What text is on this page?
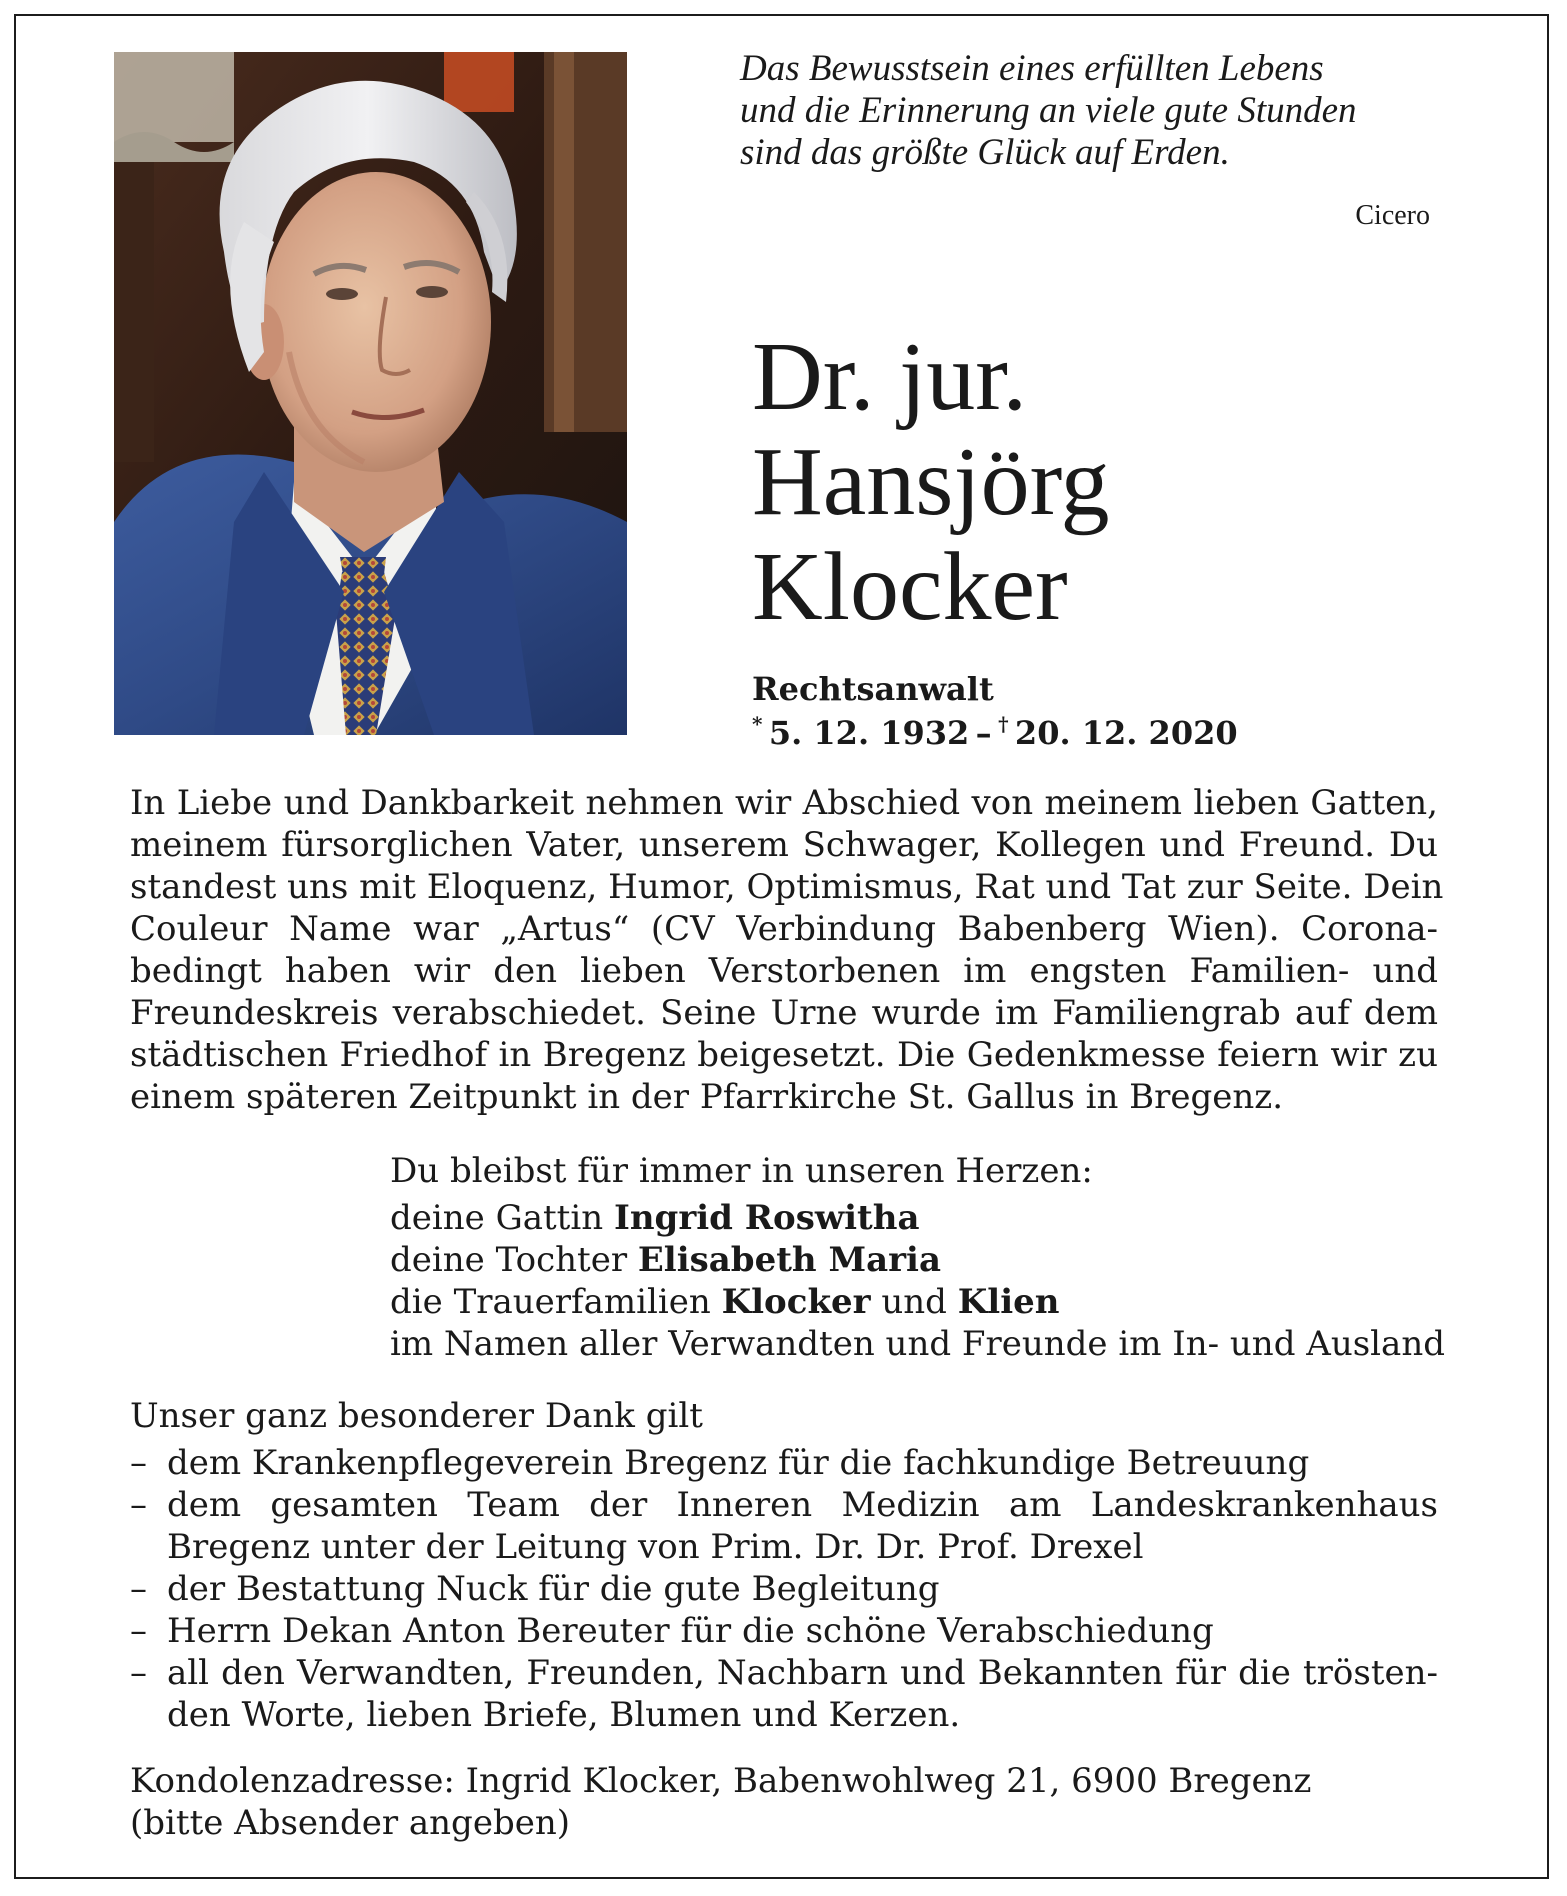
Das Bewusstsein eines erfüllten Lebens
und die Erinnerung an viele gute Stunden
sind das größte Glück auf Erden.
Cicero
Dr. jur.
Hansjörg
Klocker
Rechtsanwalt
*  5. 12. 1932  –  †  20. 12. 2020
In Liebe und Dankbarkeit nehmen wir Abschied von meinem lieben Gatten,
meinem fürsorglichen Vater, unserem Schwager, Kollegen und Freund. Du
standest uns mit Eloquenz, Humor, Optimismus, Rat und Tat zur Seite. Dein
Couleur Name war „Artus“ (CV Verbindung Babenberg Wien). Corona-
bedingt haben wir den lieben Verstorbenen im engsten Familien- und
Freundeskreis verabschiedet. Seine Urne wurde im Familiengrab auf dem
städtischen Friedhof in Bregenz beigesetzt. Die Gedenkmesse feiern wir zu
einem späteren Zeitpunkt in der Pfarrkirche St. Gallus in Bregenz.
Du bleibst für immer in unseren Herzen:
deine Gattin Ingrid Roswitha
deine Tochter Elisabeth Maria
die Trauerfamilien Klocker und Klien
im Namen aller Verwandten und Freunde im In- und Ausland
Unser ganz besonderer Dank gilt
– dem Krankenpflegeverein Bregenz für die fachkundige Betreuung
– dem gesamten Team der Inneren Medizin am Landeskrankenhaus
Bregenz unter der Leitung von Prim. Dr. Dr. Prof. Drexel
– der Bestattung Nuck für die gute Begleitung
– Herrn Dekan Anton Bereuter für die schöne Verabschiedung
– all den Verwandten, Freunden, Nachbarn und Bekannten für die trösten-
den Worte, lieben Briefe, Blumen und Kerzen.
Kondolenzadresse: Ingrid Klocker, Babenwohlweg 21, 6900 Bregenz
(bitte Absender angeben)
